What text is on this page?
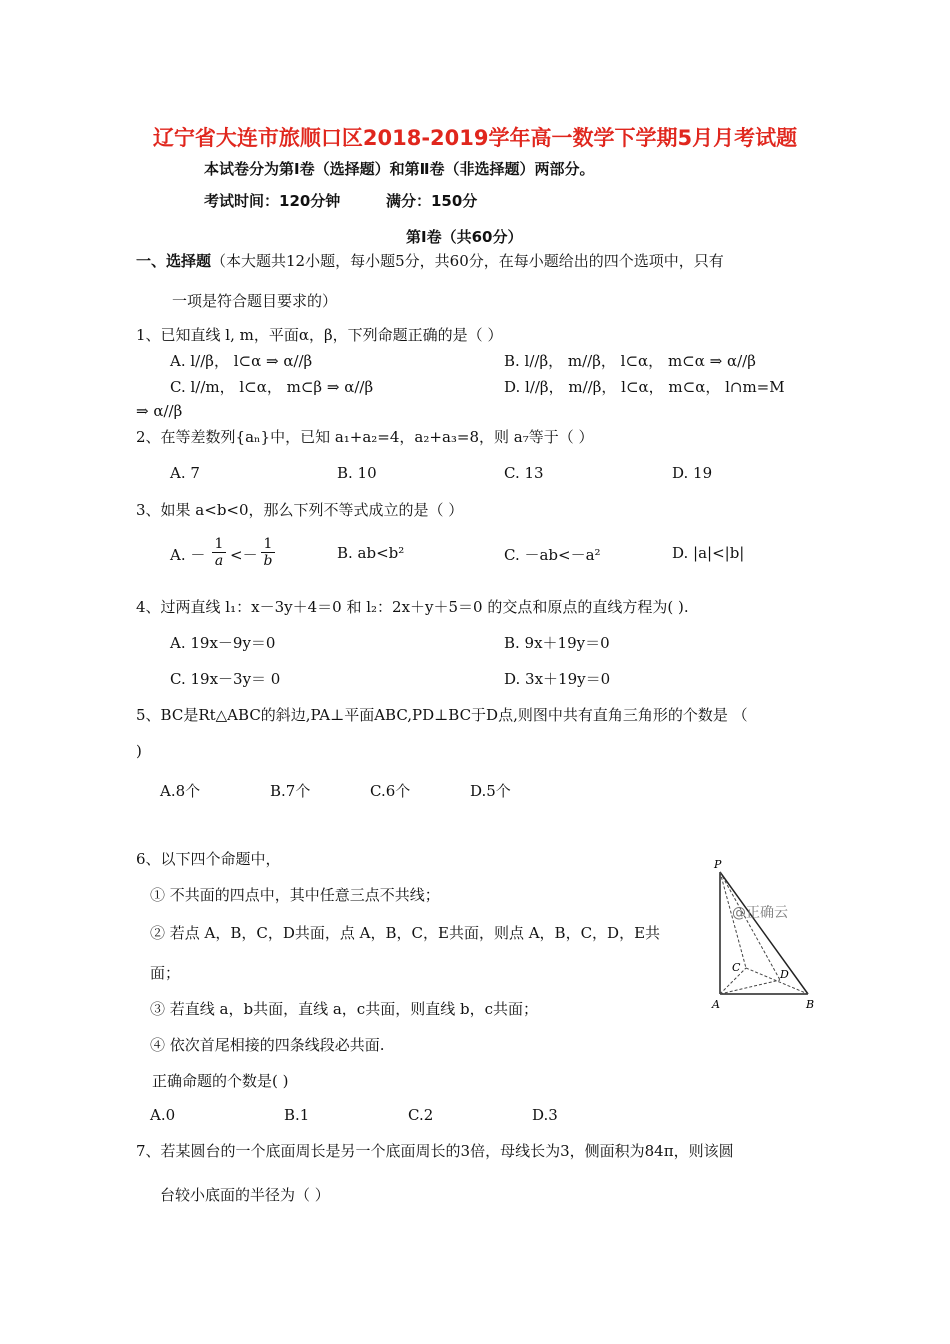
辽宁省大连市旅顺口区2018-2019学年高一数学下学期5月月考试题
本试卷分为第Ⅰ卷（选择题）和第Ⅱ卷（非选择题）两部分。
考试时间：120分钟	满分：150分
第Ⅰ卷（共60分）
一、选择题（本大题共12小题，每小题5分，共60分，在每小题给出的四个选项中，只有
一项是符合题目要求的）
1、已知直线 l, m，平面α，β，下列命题正确的是（ ）
A. l//β， l⊂α ⇒ α//β	B. l//β， m//β， l⊂α， m⊂α ⇒ α//β
C. l//m， l⊂α， m⊂β ⇒ α//β	D. l//β， m//β， l⊂α， m⊂α， l∩m=M
⇒ α//β
2、在等差数列{aₙ}中，已知 a₁+a₂=4，a₂+a₃=8，则 a₇等于（ ）
A. 7	B. 10	C. 13	D. 19
3、如果 a<b<0，那么下列不等式成立的是（ ）
A. － $\frac{1}{a} <- \frac{1}{b}$	B. ab<b²	C. －ab<－a²	D. |a|<|b|
4、过两直线 l₁：x－3y＋4＝0 和 l₂：2x＋y＋5＝0 的交点和原点的直线方程为( ).
A. 19x－9y＝0	B. 9x＋19y＝0
C. 19x－3y＝ 0	D. 3x＋19y＝0
5、BC是Rt△ABC的斜边,PA⊥平面ABC,PD⊥BC于D点,则图中共有直角三角形的个数是 （
)
A.8个	B.7个	C.6个	D.5个
6、以下四个命题中，
① 不共面的四点中，其中任意三点不共线；
② 若点 A，B，C，D共面，点 A，B，C，E共面，则点 A，B，C，D，E共
面；
③ 若直线 a，b共面，直线 a，c共面，则直线 b，c共面；
④ 依次首尾相接的四条线段必共面.
正确命题的个数是( )
A.0	B.1	C.2	D.3
7、若某圆台的一个底面周长是另一个底面周长的3倍，母线长为3，侧面积为84π，则该圆
台较小底面的半径为（ ）
P
A	B
C
D
@正确云
